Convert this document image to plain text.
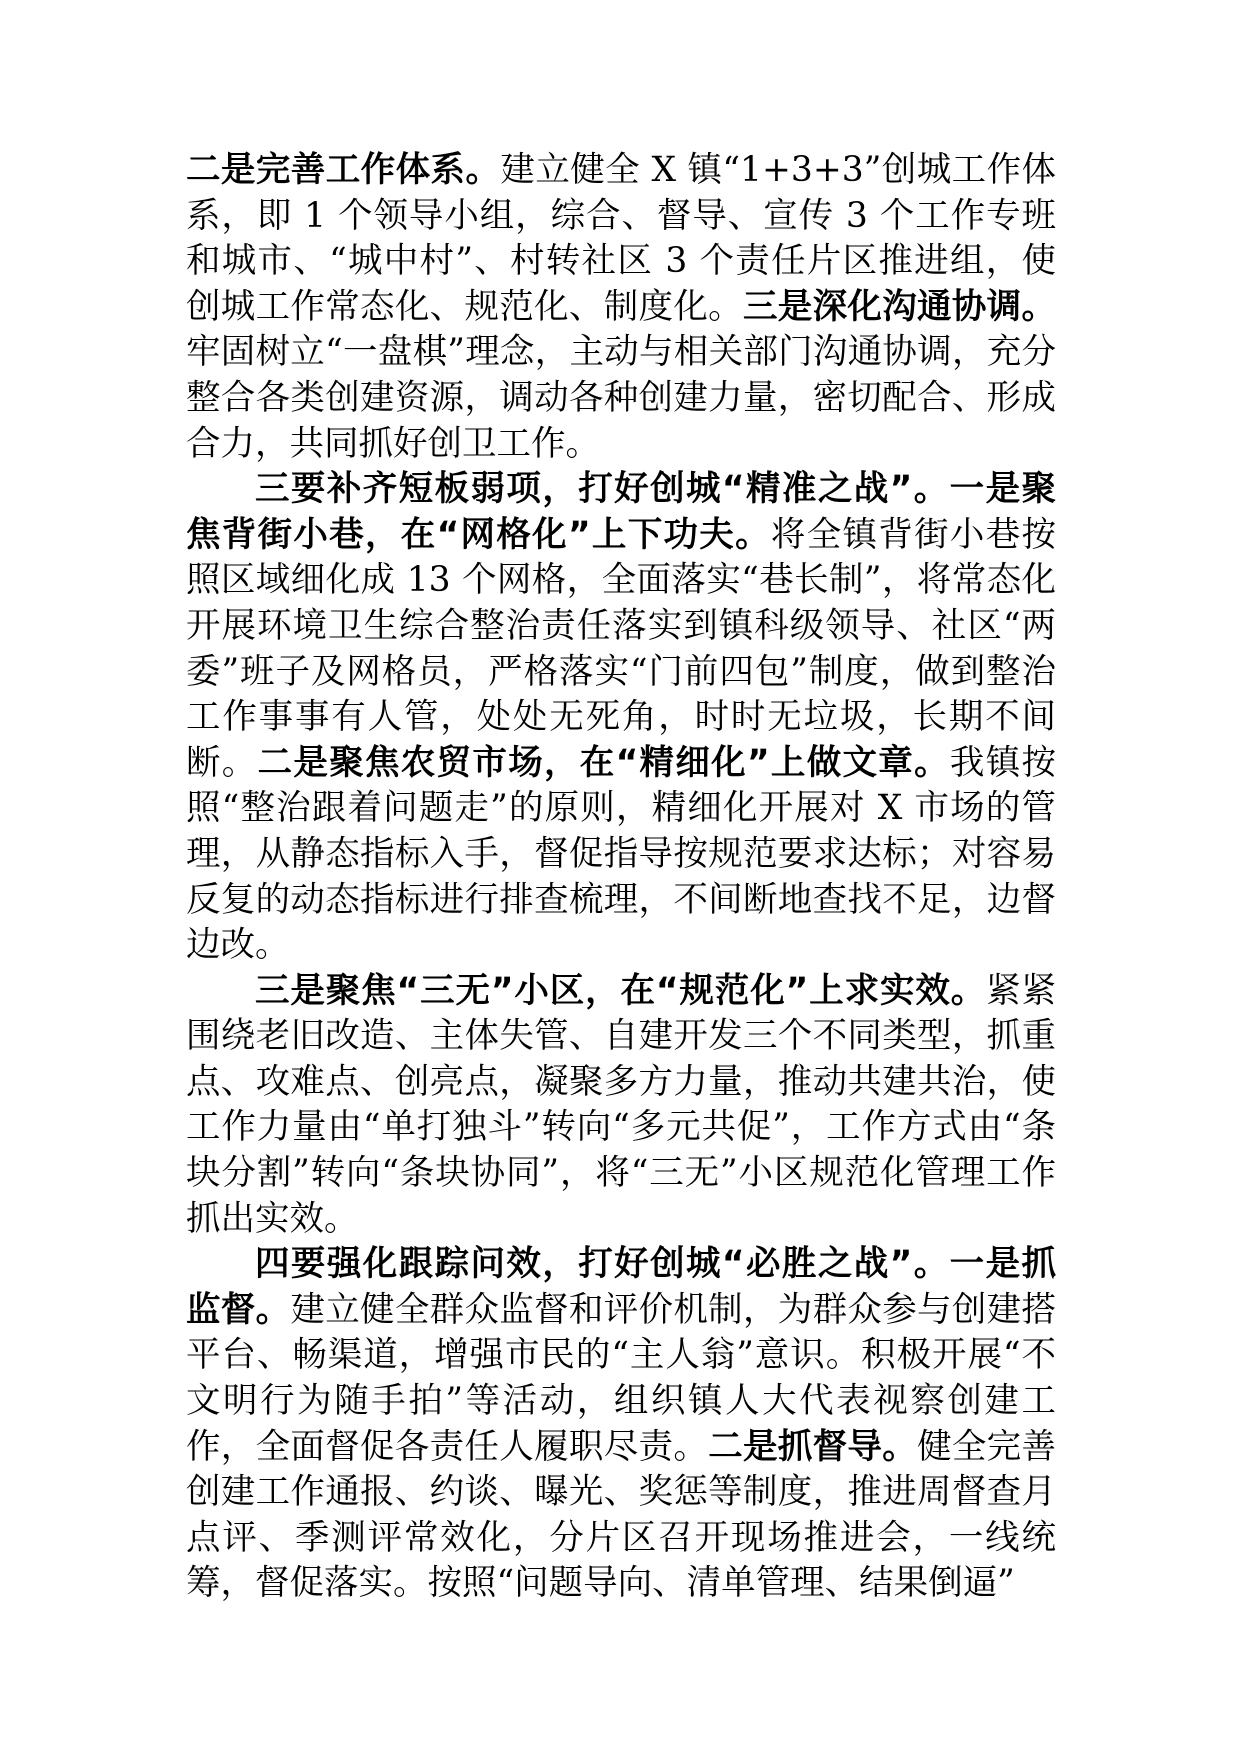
二是完善工作体系。建立健全 X 镇“1+3+3”创城工作体系，即 1 个领导小组，综合、督导、宣传 3 个工作专班和城市、“城中村”、村转社区 3 个责任片区推进组，使创城工作常态化、规范化、制度化。三是深化沟通协调。牢固树立“一盘棋”理念，主动与相关部门沟通协调，充分整合各类创建资源，调动各种创建力量，密切配合、形成合力，共同抓好创卫工作。

三要补齐短板弱项，打好创城“精准之战”。一是聚焦背街小巷，在“网格化”上下功夫。将全镇背街小巷按照区域细化成 13 个网格，全面落实“巷长制”，将常态化开展环境卫生综合整治责任落实到镇科级领导、社区“两委”班子及网格员，严格落实“门前四包”制度，做到整治工作事事有人管，处处无死角，时时无垃圾，长期不间断。二是聚焦农贸市场，在“精细化”上做文章。我镇按照“整治跟着问题走”的原则，精细化开展对 X 市场的管理，从静态指标入手，督促指导按规范要求达标；对容易反复的动态指标进行排查梳理，不间断地查找不足，边督边改。

三是聚焦“三无”小区，在“规范化”上求实效。紧紧围绕老旧改造、主体失管、自建开发三个不同类型，抓重点、攻难点、创亮点，凝聚多方力量，推动共建共治，使工作力量由“单打独斗”转向“多元共促”，工作方式由“条块分割”转向“条块协同”，将“三无”小区规范化管理工作抓出实效。

四要强化跟踪问效，打好创城“必胜之战”。一是抓监督。建立健全群众监督和评价机制，为群众参与创建搭平台、畅渠道，增强市民的“主人翁”意识。积极开展“不文明行为随手拍”等活动，组织镇人大代表视察创建工作，全面督促各责任人履职尽责。二是抓督导。健全完善创建工作通报、约谈、曝光、奖惩等制度，推进周督查月点评、季测评常效化，分片区召开现场推进会，一线统筹，督促落实。按照“问题导向、清单管理、结果倒逼”
